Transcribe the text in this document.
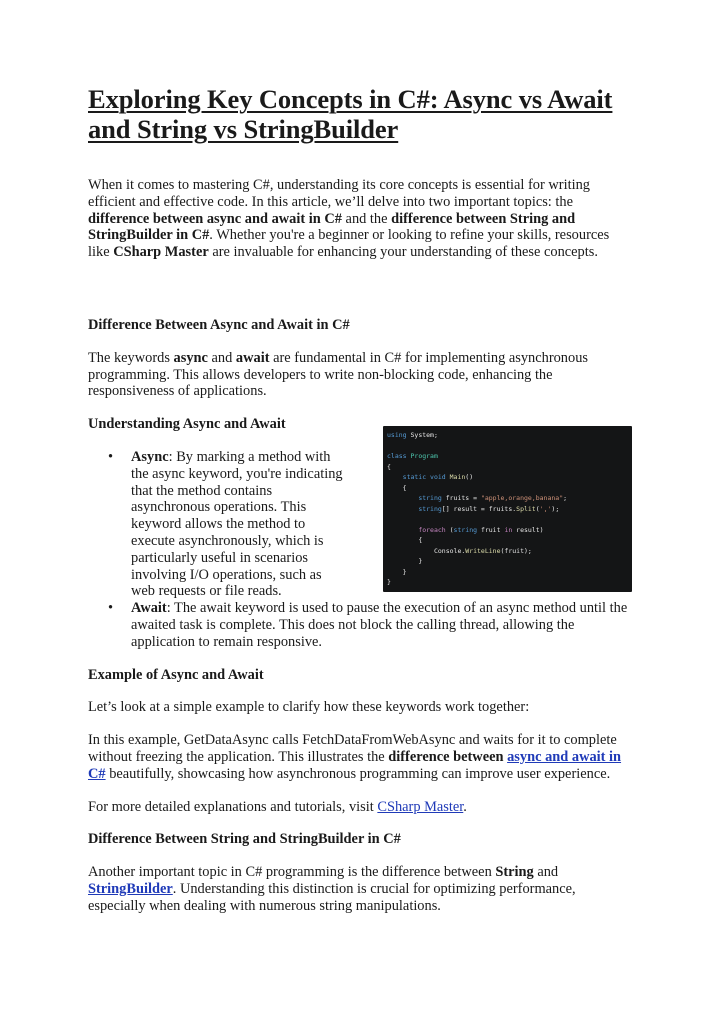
Exploring Key Concepts in C#: Async vs Await and String vs StringBuilder

When it comes to mastering C#, understanding its core concepts is essential for writing efficient and effective code. In this article, we’ll delve into two important topics: the difference between async and await in C# and the difference between String and StringBuilder in C#. Whether you're a beginner or looking to refine your skills, resources like CSharp Master are invaluable for enhancing your understanding of these concepts.

Difference Between Async and Await in C#

The keywords async and await are fundamental in C# for implementing asynchronous programming. This allows developers to write non-blocking code, enhancing the responsiveness of applications.

Understanding Async and Await
• Async: By marking a method with
the async keyword, you're indicating
that the method contains
asynchronous operations. This
keyword allows the method to
execute asynchronously, which is
particularly useful in scenarios
involving I/O operations, such as
web requests or file reads.
• Await: The await keyword is used to pause the execution of an async method until the awaited task is complete. This does not block the calling thread, allowing the application to remain responsive.
Example of Async and Await

Let’s look at a simple example to clarify how these keywords work together:

In this example, GetDataAsync calls FetchDataFromWebAsync and waits for it to complete without freezing the application. This illustrates the difference between async and await in C# beautifully, showcasing how asynchronous programming can improve user experience.

For more detailed explanations and tutorials, visit CSharp Master.

Difference Between String and StringBuilder in C#

Another important topic in C# programming is the difference between String and StringBuilder. Understanding this distinction is crucial for optimizing performance, especially when dealing with numerous string manipulations.

using System;

class Program
{
static void Main()
{
string fruits = "apple,orange,banana";
string[] result = fruits.Split(',');

foreach (string fruit in result)
{
Console.WriteLine(fruit);
}
}
}
